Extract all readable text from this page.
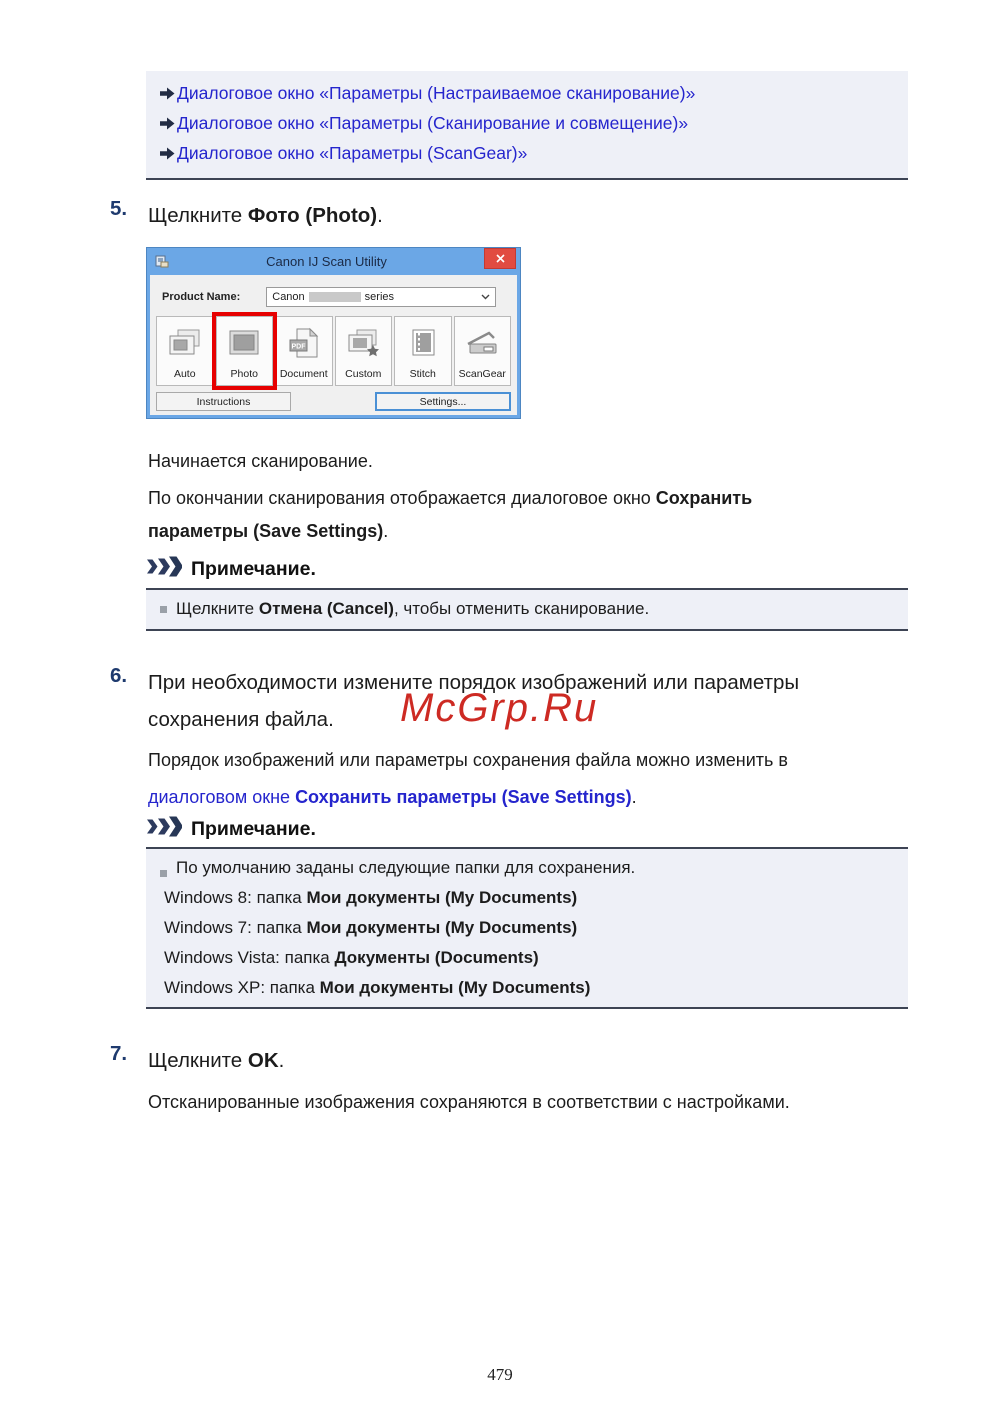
Диалоговое окно «Параметры (Настраиваемое сканирование)»
Диалоговое окно «Параметры (Сканирование и совмещение)»
Диалоговое окно «Параметры (ScanGear)»
5.	Щелкните Фото (Photo).
Canon IJ Scan Utility
Product Name:	Canon	series
Auto	Photo
PDF
Document Custom	Stitch ScanGear
Instructions	Settings...
Начинается сканирование.
По окончании сканирования отображается диалоговое окно Сохранить
параметры (Save Settings).
Примечание.
Щелкните Отмена (Cancel), чтобы отменить сканирование.
6.	При необходимости измените порядок изображений или параметры
сохранения файла.	McGrp.Ru
Порядок изображений или параметры сохранения файла можно изменить в
диалоговом окне Сохранить параметры (Save Settings).
Примечание.
По умолчанию заданы следующие папки для сохранения.
Windows 8: папка Мои документы (My Documents)
Windows 7: папка Мои документы (My Documents)
Windows Vista: папка Документы (Documents)
Windows XP: папка Мои документы (My Documents)
7.	Щелкните OK.
Отсканированные изображения сохраняются в соответствии с настройками.
479
